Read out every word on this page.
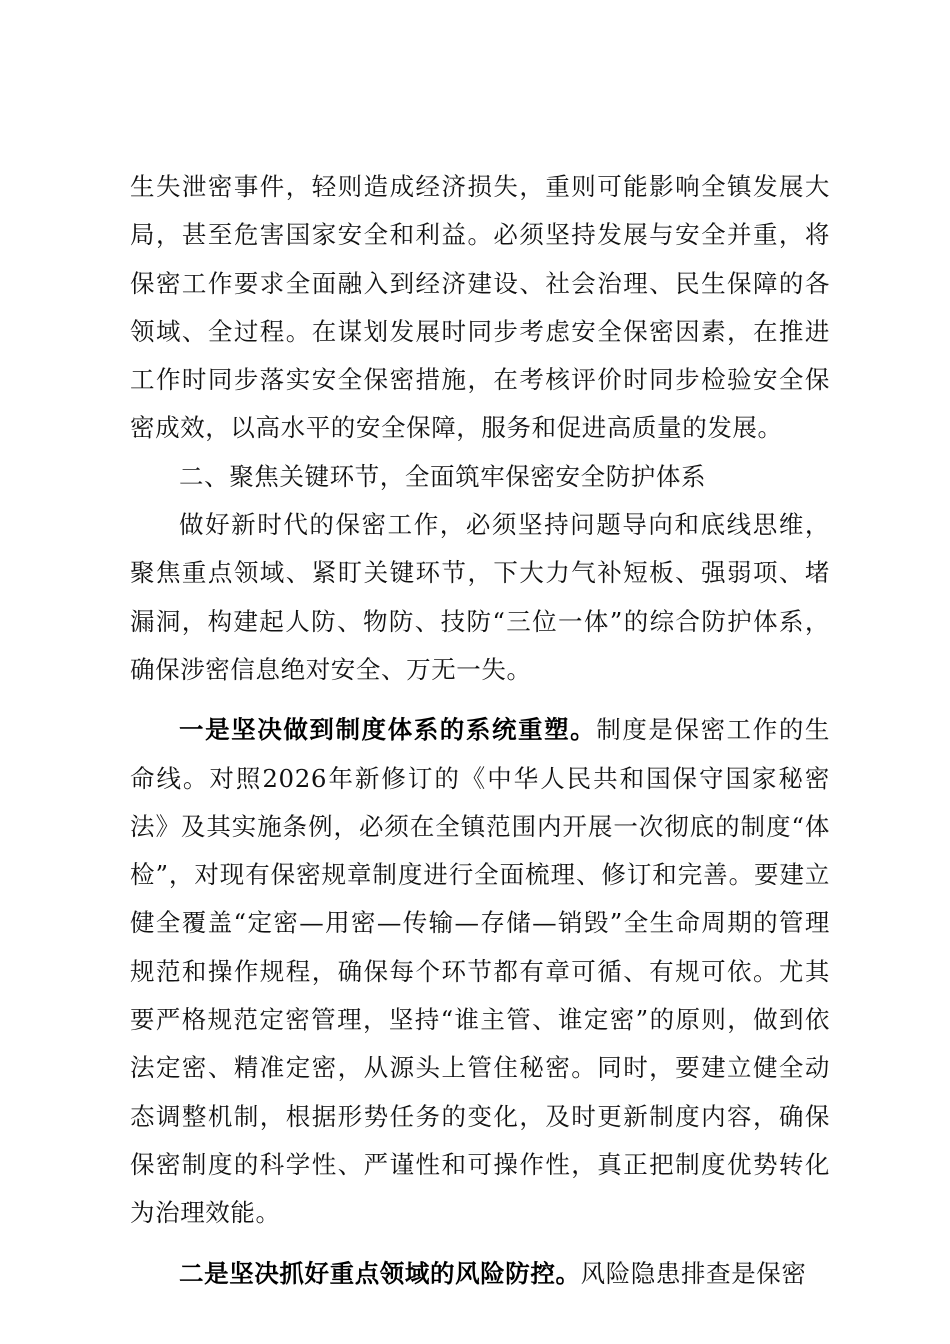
生失泄密事件，轻则造成经济损失，重则可能影响全镇发展大局，甚至危害国家安全和利益。必须坚持发展与安全并重，将保密工作要求全面融入到经济建设、社会治理、民生保障的各领域、全过程。在谋划发展时同步考虑安全保密因素，在推进工作时同步落实安全保密措施，在考核评价时同步检验安全保密成效，以高水平的安全保障，服务和促进高质量的发展。

二、聚焦关键环节，全面筑牢保密安全防护体系

做好新时代的保密工作，必须坚持问题导向和底线思维，聚焦重点领域、紧盯关键环节，下大力气补短板、强弱项、堵漏洞，构建起人防、物防、技防“三位一体”的综合防护体系，确保涉密信息绝对安全、万无一失。

一是坚决做到制度体系的系统重塑。制度是保密工作的生命线。对照2026年新修订的《中华人民共和国保守国家秘密法》及其实施条例，必须在全镇范围内开展一次彻底的制度“体检”，对现有保密规章制度进行全面梳理、修订和完善。要建立健全覆盖“定密—用密—传输—存储—销毁”全生命周期的管理规范和操作规程，确保每个环节都有章可循、有规可依。尤其要严格规范定密管理，坚持“谁主管、谁定密”的原则，做到依法定密、精准定密，从源头上管住秘密。同时，要建立健全动态调整机制，根据形势任务的变化，及时更新制度内容，确保保密制度的科学性、严谨性和可操作性，真正把制度优势转化为治理效能。

二是坚决抓好重点领域的风险防控。风险隐患排查是保密
